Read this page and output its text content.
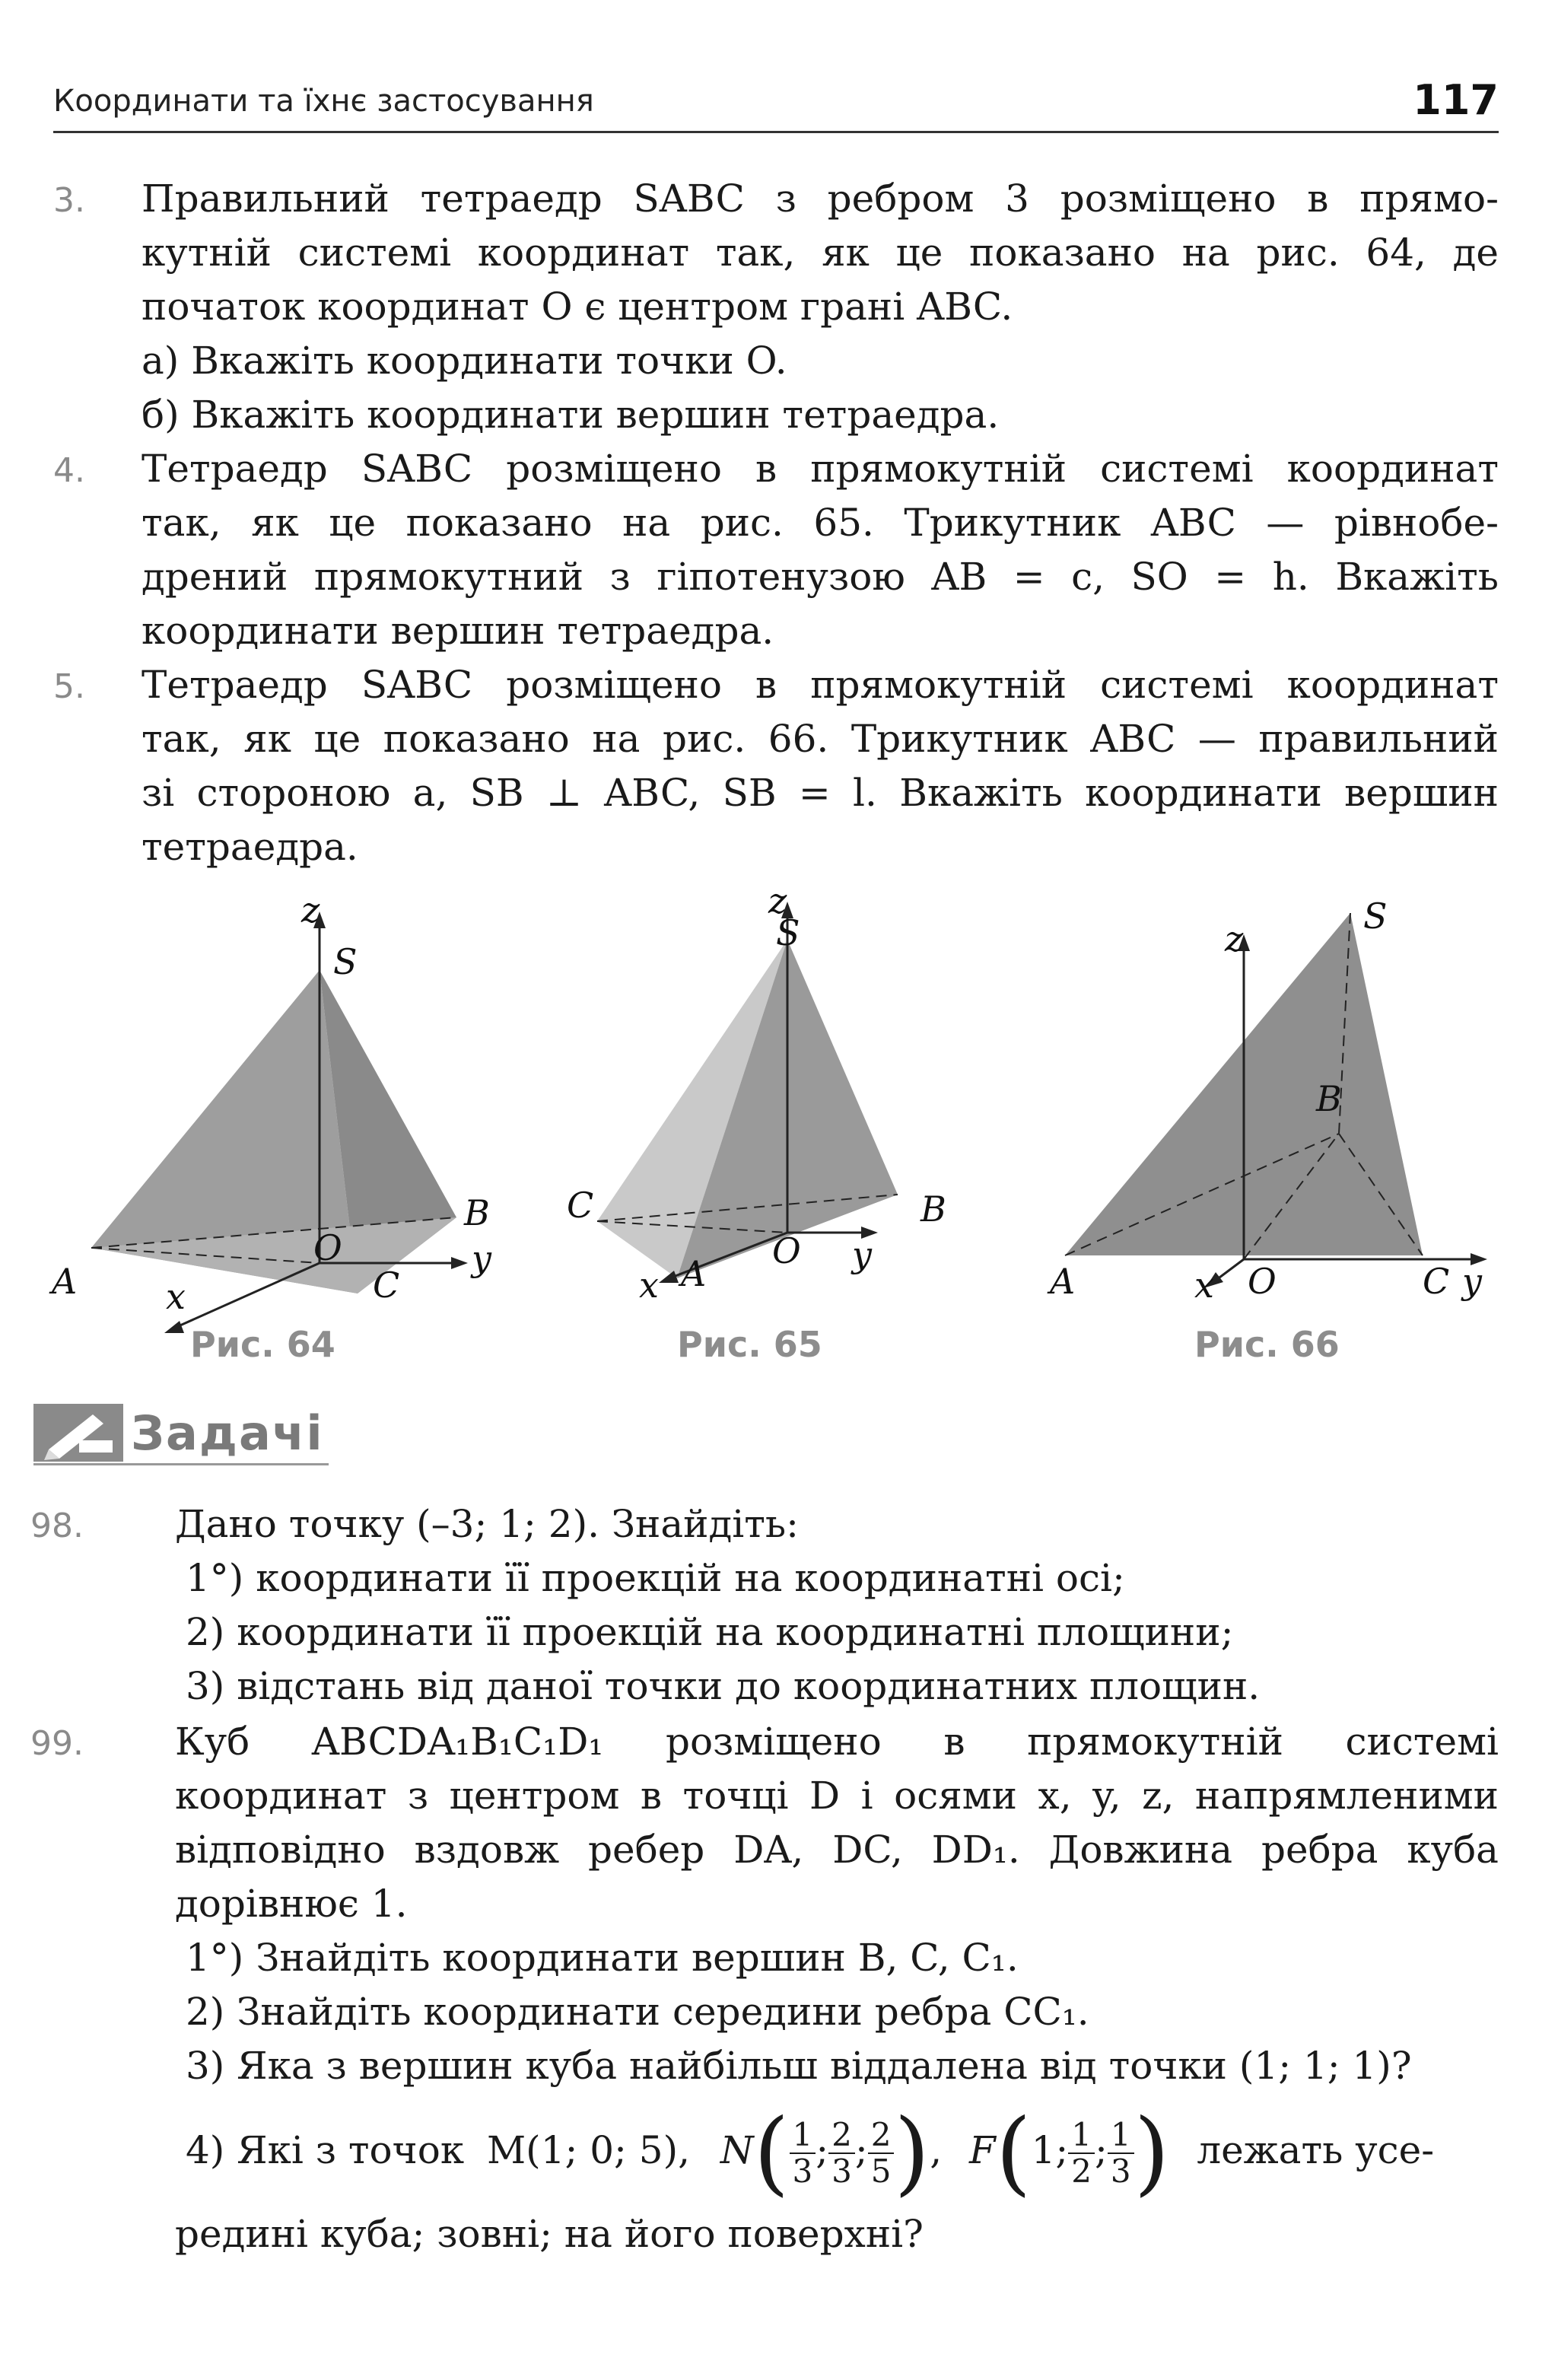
Координати та їхнє застосування	117
3. Правильний тетраедр SABC з ребром 3 розміщено в прямо-
кутній системі координат так, як це показано на рис. 64, де
початок координат O є центром грані ABC.
а) Вкажіть координати точки O.
б) Вкажіть координати вершин тетраедра.
4. Тетраедр SABC розміщено в прямокутній системі координат
так, як це показано на рис. 65. Трикутник ABC — рівнобе-
дрений прямокутний з гіпотенузою AB = c, SO = h. Вкажіть
координати вершин тетраедра.
5. Тетраедр SABC розміщено в прямокутній системі координат
так, як це показано на рис. 66. Трикутник ABC — правильний
зі стороною a, SB ⊥ ABC, SB = l. Вкажіть координати вершин
тетраедра.
z
S
B
O	y
A	x	C
z
S
C	B
O y
x A
z
S
B
A	x O	C y
Рис. 64	Рис. 65	Рис. 66
Задачі
98. Дано точку (–3; 1; 2). Знайдіть:
1°) координати її проекцій на координатні осі;
2) координати її проекцій на координатні площини;
3) відстань від даної точки до координатних площин.
99. Куб ABCDA₁B₁C₁D₁ розміщено в прямокутній системі
координат з центром в точці D і осями x, y, z, напрямленими
відповідно вздовж ребер DA, DC, DD₁. Довжина ребра куба
дорівнює 1.
1°) Знайдіть координати вершин B, C, C₁.
2) Знайдіть координати середини ребра CC₁.
3) Яка з вершин куба найбільш віддалена від точки (1; 1; 1)?
4) Які з точок M(1; 0; 5), $N( \frac{1}{3}$ ; $\frac{2}{3}$ ; $\frac{2}{5}$ ), F(1; $\frac{1}{2}$ ; $\frac{1}{3}$ ) лежать усе-
редині куба; зовні; на його поверхні?
